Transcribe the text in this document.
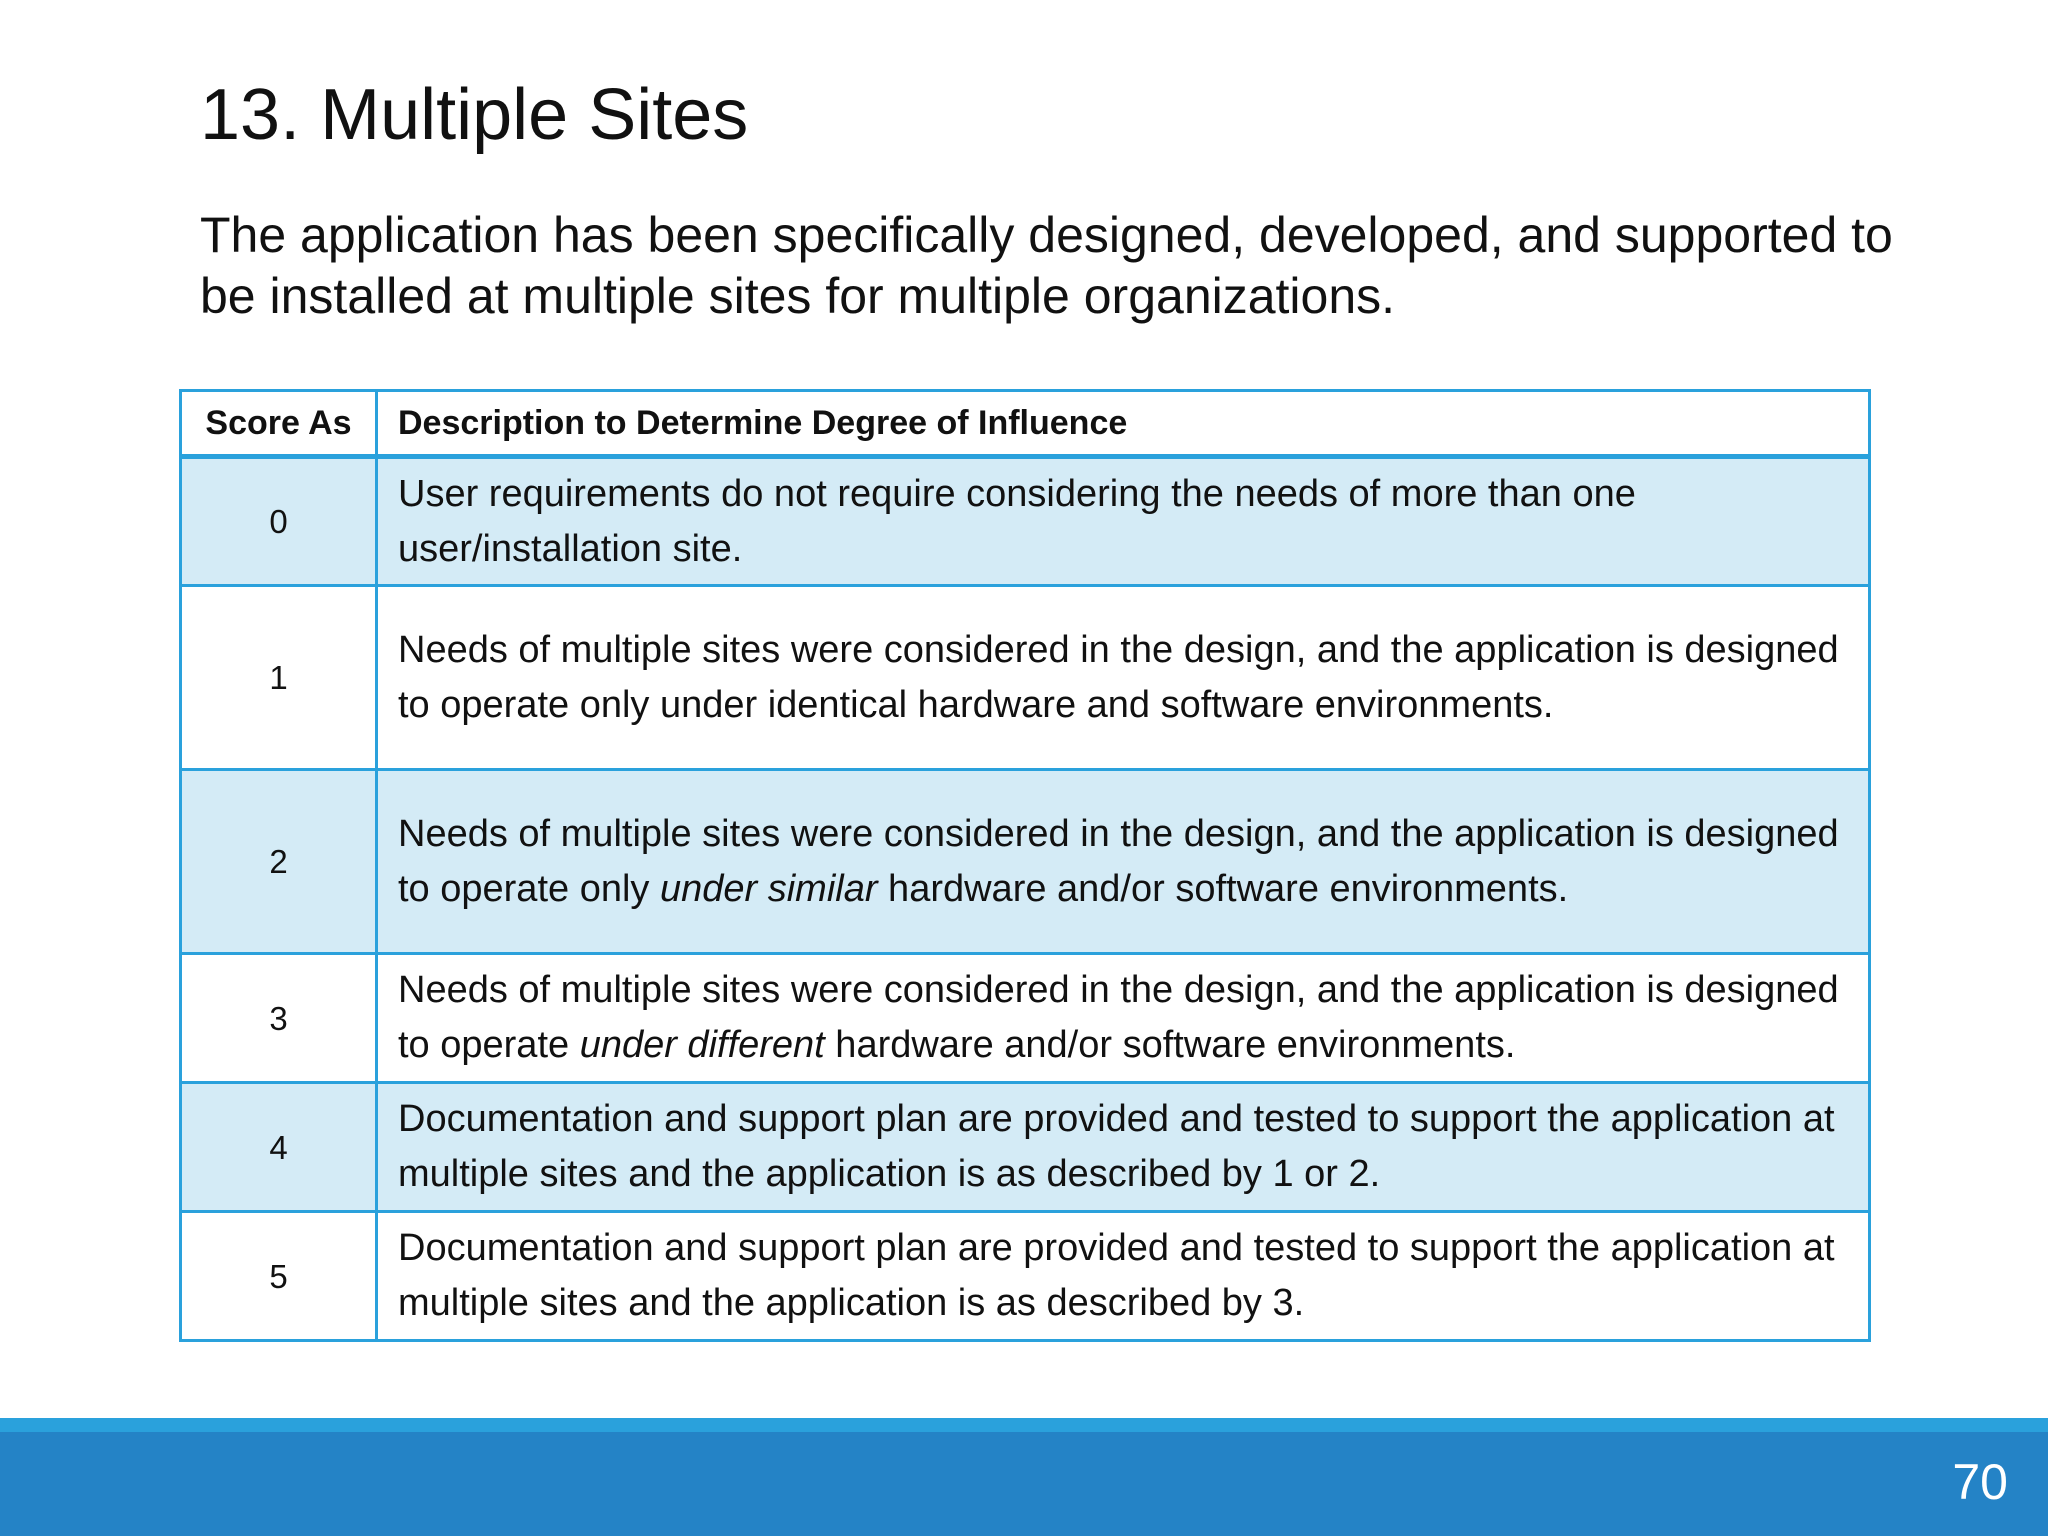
13. Multiple Sites

The application has been specifically designed, developed, and supported to be installed at multiple sites for multiple organizations.

Score As	Description to Determine Degree of Influence
0	User requirements do not require considering the needs of more than one user/installation site.
1	Needs of multiple sites were considered in the design, and the application is designed to operate only under identical hardware and software environments.
2	Needs of multiple sites were considered in the design, and the application is designed to operate only under similar hardware and/or software environments.
3	Needs of multiple sites were considered in the design, and the application is designed to operate under different hardware and/or software environments.
4	Documentation and support plan are provided and tested to support the application at multiple sites and the application is as described by 1 or 2.
5	Documentation and support plan are provided and tested to support the application at multiple sites and the application is as described by 3.
70
